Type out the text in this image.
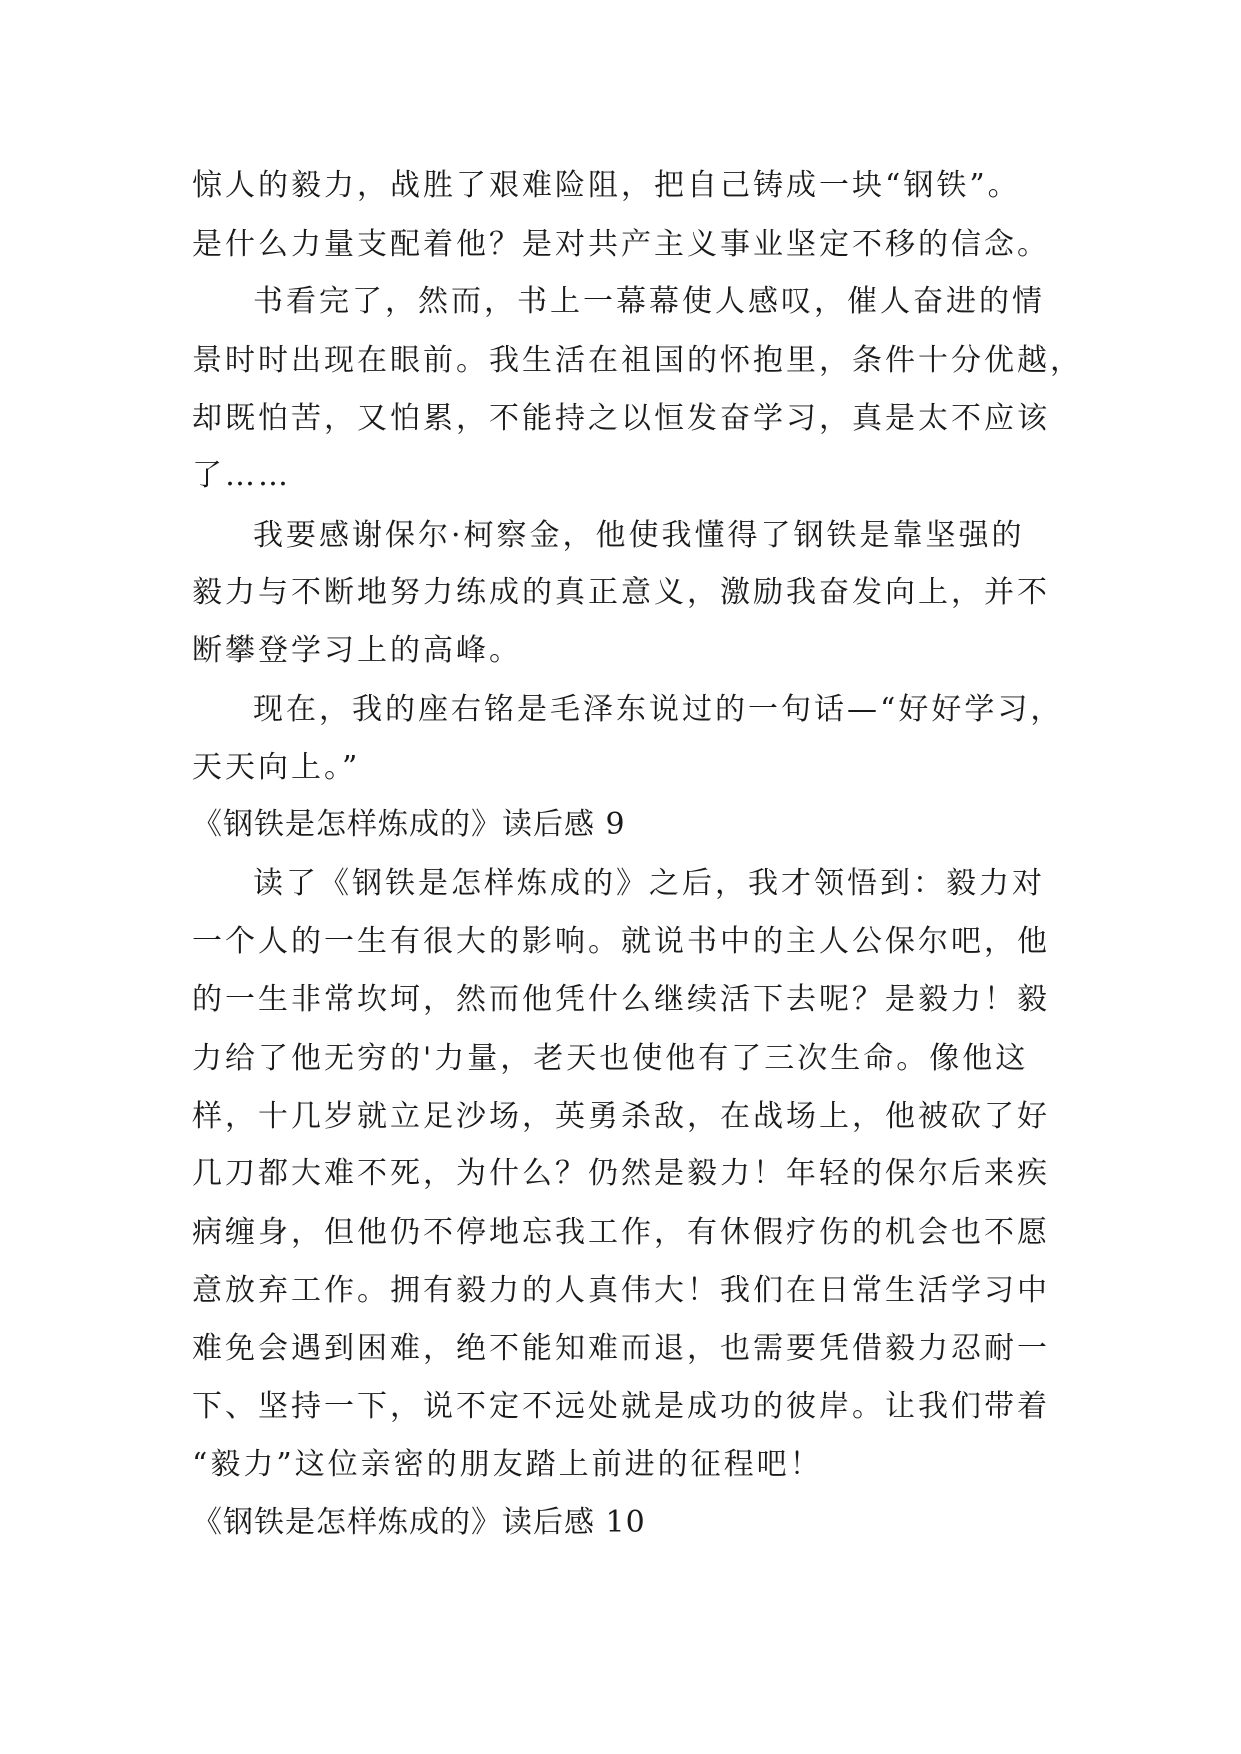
惊人的毅力，战胜了艰难险阻，把自己铸成一块“钢铁”。
是什么力量支配着他？是对共产主义事业坚定不移的信念。
书看完了，然而，书上一幕幕使人感叹，催人奋进的情
景时时出现在眼前。我生活在祖国的怀抱里，条件十分优越，
却既怕苦，又怕累，不能持之以恒发奋学习，真是太不应该
了……
我要感谢保尔·柯察金，他使我懂得了钢铁是靠坚强的
毅力与不断地努力练成的真正意义，激励我奋发向上，并不
断攀登学习上的高峰。
现在，我的座右铭是毛泽东说过的一句话—“好好学习，
天天向上。”
《钢铁是怎样炼成的》读后感 9
读了《钢铁是怎样炼成的》之后，我才领悟到：毅力对
一个人的一生有很大的影响。就说书中的主人公保尔吧，他
的一生非常坎坷，然而他凭什么继续活下去呢？是毅力！毅
力给了他无穷的'力量，老天也使他有了三次生命。像他这
样，十几岁就立足沙场，英勇杀敌，在战场上，他被砍了好
几刀都大难不死，为什么？仍然是毅力！年轻的保尔后来疾
病缠身，但他仍不停地忘我工作，有休假疗伤的机会也不愿
意放弃工作。拥有毅力的人真伟大！我们在日常生活学习中
难免会遇到困难，绝不能知难而退，也需要凭借毅力忍耐一
下、坚持一下，说不定不远处就是成功的彼岸。让我们带着
“毅力”这位亲密的朋友踏上前进的征程吧！
《钢铁是怎样炼成的》读后感 10
